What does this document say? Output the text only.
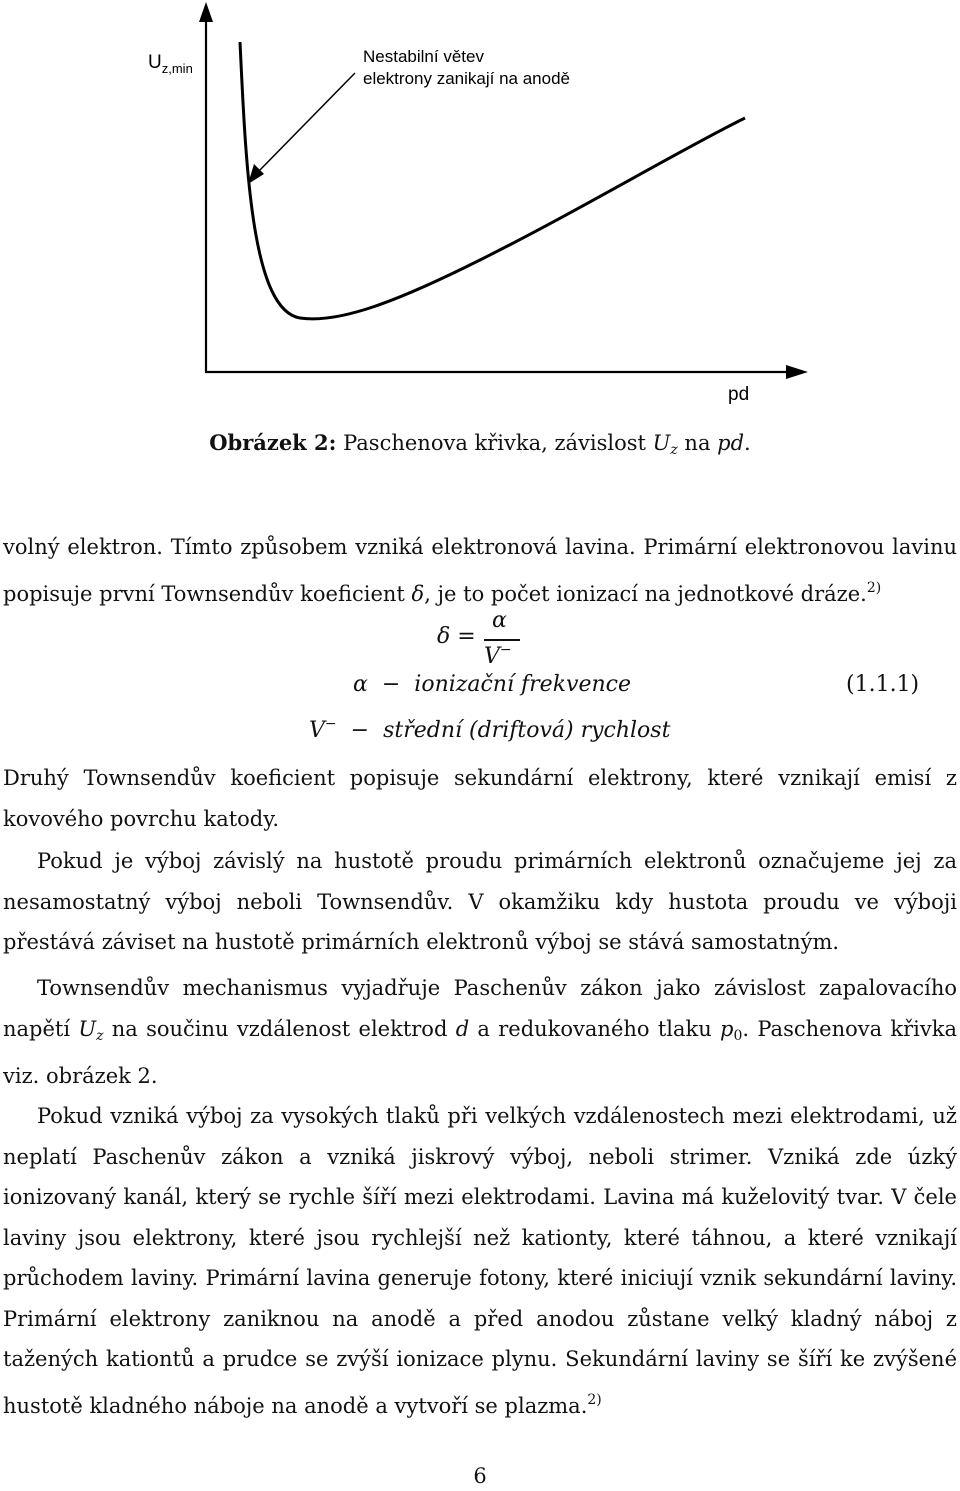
$U_{z,min}$
Nestabilní větev
elektrony zanikají na anodě
pd
Obrázek 2: Paschenova křivka, závislost $U_z$ na pd.

volný elektron. Tímto způsobem vzniká elektronová lavina. Primární elektronovou lavinu popisuje první Townsendův koeficient δ, je to počet ionizací na jednotkové dráze.$^{2)}$

δ =
α
V−
α − ionizační frekvence	(1.1.1)
V− − střední (driftová) rychlost

Druhý Townsendův koeficient popisuje sekundární elektrony, které vznikají emisí z kovového povrchu katody.

Pokud je výboj závislý na hustotě proudu primárních elektronů označujeme jej za nesamostatný výboj neboli Townsendův. V okamžiku kdy hustota proudu ve výboji přestává záviset na hustotě primárních elektronů výboj se stává samostatným.

Townsendův mechanismus vyjadřuje Paschenův zákon jako závislost zapalovacího napětí $U_z$ na součinu vzdálenost elektrod d a redukovaného tlaku $p_0$. Paschenova křivka viz. obrázek 2.

Pokud vzniká výboj za vysokých tlaků při velkých vzdálenostech mezi elektrodami, už neplatí Paschenův zákon a vzniká jiskrový výboj, neboli strimer. Vzniká zde úzký ionizovaný kanál, který se rychle šíří mezi elektrodami. Lavina má kuželovitý tvar. V čele laviny jsou elektrony, které jsou rychlejší než kationty, které táhnou, a které vznikají průchodem laviny. Primární lavina generuje fotony, které iniciují vznik sekundární laviny. Primární elektrony zaniknou na anodě a před anodou zůstane velký kladný náboj z tažených kationtů a prudce se zvýší ionizace plynu. Sekundární laviny se šíří ke zvýšené hustotě kladného náboje na anodě a vytvoří se plazma.$^{2)}$

6
